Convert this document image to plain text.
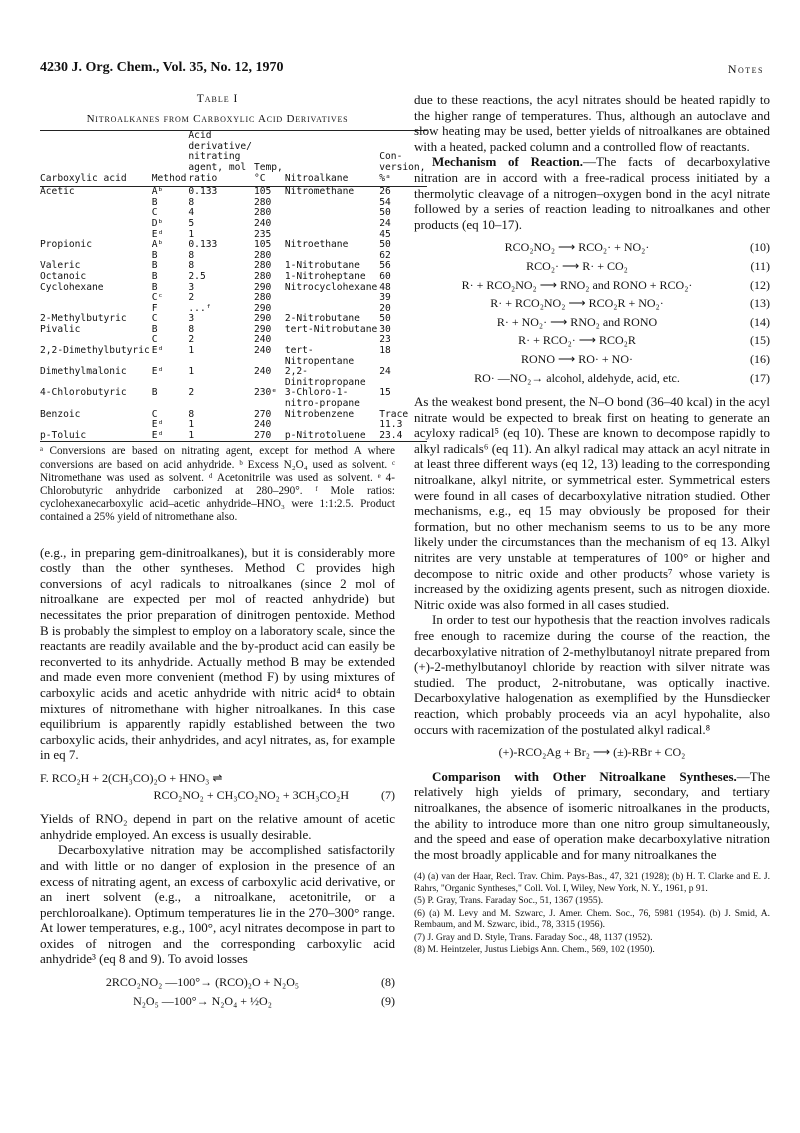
4230 J. Org. Chem., Vol. 35, No. 12, 1970	Notes
Table I
Nitroalkanes from Carboxylic Acid Derivatives
Carboxylic acid	Method	Acid derivative/ nitrating agent, mol ratio	Temp, °C	Nitroalkane	Con-version, %ᵃ
Acetic	Aᵇ	0.133	105	Nitromethane	26
	B	8	280		54
	C	4	280		50
	Dᵇ	5	240		24
	Eᵈ	1	235		45
Propionic	Aᵇ	0.133	105	Nitroethane	50
	B	8	280		62
Valeric	B	8	280	1-Nitrobutane	56
Octanoic	B	2.5	280	1-Nitroheptane	60
Cyclohexane	B	3	290	Nitrocyclohexane	48
	Cᶜ	2	280		39
	F	...ᶠ	290		20
2-Methylbutyric	C	3	290	2-Nitrobutane	50
Pivalic	B	8	290	tert-Nitrobutane	30
	C	2	240		23
2,2-Dimethylbutyric	Eᵈ	1	240	tert-Nitropentane	18
Dimethylmalonic	Eᵈ	1	240	2,2-Dinitropropane	24
4-Chlorobutyric	B	2	230ᵉ	3-Chloro-1-nitro-propane	15
Benzoic	C	8	270	Nitrobenzene	Trace
	Eᵈ	1	240		11.3
p-Toluic	Eᵈ	1	270	p-Nitrotoluene	23.4
ᵃ Conversions are based on nitrating agent, except for method A where conversions are based on acid anhydride. ᵇ Excess N₂O₄ used as solvent. ᶜ Nitromethane was used as solvent. ᵈ Acetonitrile was used as solvent. ᵉ 4-Chlorobutyric anhydride carbonized at 280–290°. ᶠ Mole ratios: cyclohexanecarboxylic acid–acetic anhydride–HNO₃ were 1:1:2.5. Product contained a 25% yield of nitromethane also.

(e.g., in preparing gem-dinitroalkanes), but it is considerably more costly than the other syntheses. Method C provides high conversions of acyl radicals to nitroalkanes (since 2 mol of nitroalkane are expected per mol of reacted anhydride) but necessitates the prior preparation of dinitrogen pentoxide. Method B is probably the simplest to employ on a laboratory scale, since the reactants are readily available and the by-product acid can easily be reconverted to its anhydride. Actually method B may be extended and made even more convenient (method F) by using mixtures of carboxylic acids and acetic anhydride with nitric acid⁴ to obtain mixtures of nitromethane with higher nitroalkanes. In this case equilibrium is apparently rapidly established between the two carboxylic acids, their anhydrides, and acyl nitrates, as, for example in eq 7.

F. RCO₂H + 2(CH₃CO)₂O + HNO₃ ⇌
RCO₂NO₂ + CH₃CO₂NO₂ + 3CH₃CO₂H	(7)

Yields of RNO₂ depend in part on the relative amount of acetic anhydride employed. An excess is usually desirable.

Decarboxylative nitration may be accomplished satisfactorily and with little or no danger of explosion in the presence of an excess of nitrating agent, an excess of carboxylic acid derivative, or an inert solvent (e.g., a nitroalkane, acetonitrile, or a perchloroalkane). Optimum temperatures lie in the 270–300° range. At lower temperatures, e.g., 100°, acyl nitrates decompose in part to oxides of nitrogen and the corresponding carboxylic acid anhydride³ (eq 8 and 9). To avoid losses

2RCO₂NO₂ —100°→ (RCO)₂O + N₂O₅	(8)
N₂O₅ —100°→ N₂O₄ + ½O₂	(9)

due to these reactions, the acyl nitrates should be heated rapidly to the higher range of temperatures. Thus, although an autoclave and slow heating may be used, better yields of nitroalkanes are obtained with a heated, packed column and a controlled flow of reactants.

Mechanism of Reaction.—The facts of decarboxylative nitration are in accord with a free-radical process initiated by a thermolytic cleavage of a nitrogen–oxygen bond in the acyl nitrate followed by a series of reaction leading to nitroalkanes and other products (eq 10–17).

RCO₂NO₂ ⟶ RCO₂· + NO₂·	(10)
RCO₂· ⟶ R· + CO₂	(11)
R· + RCO₂NO₂ ⟶ RNO₂ and RONO + RCO₂·	(12)
R· + RCO₂NO₂ ⟶ RCO₂R + NO₂·	(13)
R· + NO₂· ⟶ RNO₂ and RONO	(14)
R· + RCO₂· ⟶ RCO₂R	(15)
RONO ⟶ RO· + NO·	(16)
RO· —NO₂→ alcohol, aldehyde, acid, etc.	(17)

As the weakest bond present, the N–O bond (36–40 kcal) in the acyl nitrate would be expected to break first on heating to generate an acyloxy radical⁵ (eq 10). These are known to decompose rapidly to alkyl radicals⁶ (eq 11). An alkyl radical may attack an acyl nitrate in at least three different ways (eq 12, 13) leading to the corresponding nitroalkane, alkyl nitrite, or symmetrical ester. Symmetrical esters were found in all cases of decarboxylative nitration studied. Other mechanisms, e.g., eq 15 may obviously be proposed for their formation, but no other mechanism seems to us to be any more likely under the circumstances than the mechanism of eq 13. Alkyl nitrites are very unstable at temperatures of 100° or higher and decompose to nitric oxide and other products⁷ whose variety is increased by the oxidizing agents present, such as nitrogen dioxide. Nitric oxide was also formed in all cases studied.

In order to test our hypothesis that the reaction involves radicals free enough to racemize during the course of the reaction, the decarboxylative nitration of 2-methylbutanoyl nitrate prepared from (+)-2-methylbutanoyl chloride by reaction with silver nitrate was studied. The product, 2-nitrobutane, was optically inactive. Decarboxylative halogenation as exemplified by the Hunsdiecker reaction, which probably proceeds via an acyl hypohalite, also occurs with racemization of the postulated alkyl radical.⁸

(+)-RCO₂Ag + Br₂ ⟶ (±)-RBr + CO₂

Comparison with Other Nitroalkane Syntheses.—The relatively high yields of primary, secondary, and tertiary nitroalkanes, the absence of isomeric nitroalkanes in the products, the ability to introduce more than one nitro group simultaneously, and the speed and ease of operation make decarboxylative nitration the most broadly applicable and for many nitroalkanes the

(4) (a) van der Haar, Recl. Trav. Chim. Pays-Bas., 47, 321 (1928); (b) H. T. Clarke and E. J. Rahrs, "Organic Syntheses," Coll. Vol. I, Wiley, New York, N. Y., 1961, p 91.
(5) P. Gray, Trans. Faraday Soc., 51, 1367 (1955).
(6) (a) M. Levy and M. Szwarc, J. Amer. Chem. Soc., 76, 5981 (1954). (b) J. Smid, A. Rembaum, and M. Szwarc, ibid., 78, 3315 (1956).
(7) J. Gray and D. Style, Trans. Faraday Soc., 48, 1137 (1952).
(8) M. Heintzeler, Justus Liebigs Ann. Chem., 569, 102 (1950).
